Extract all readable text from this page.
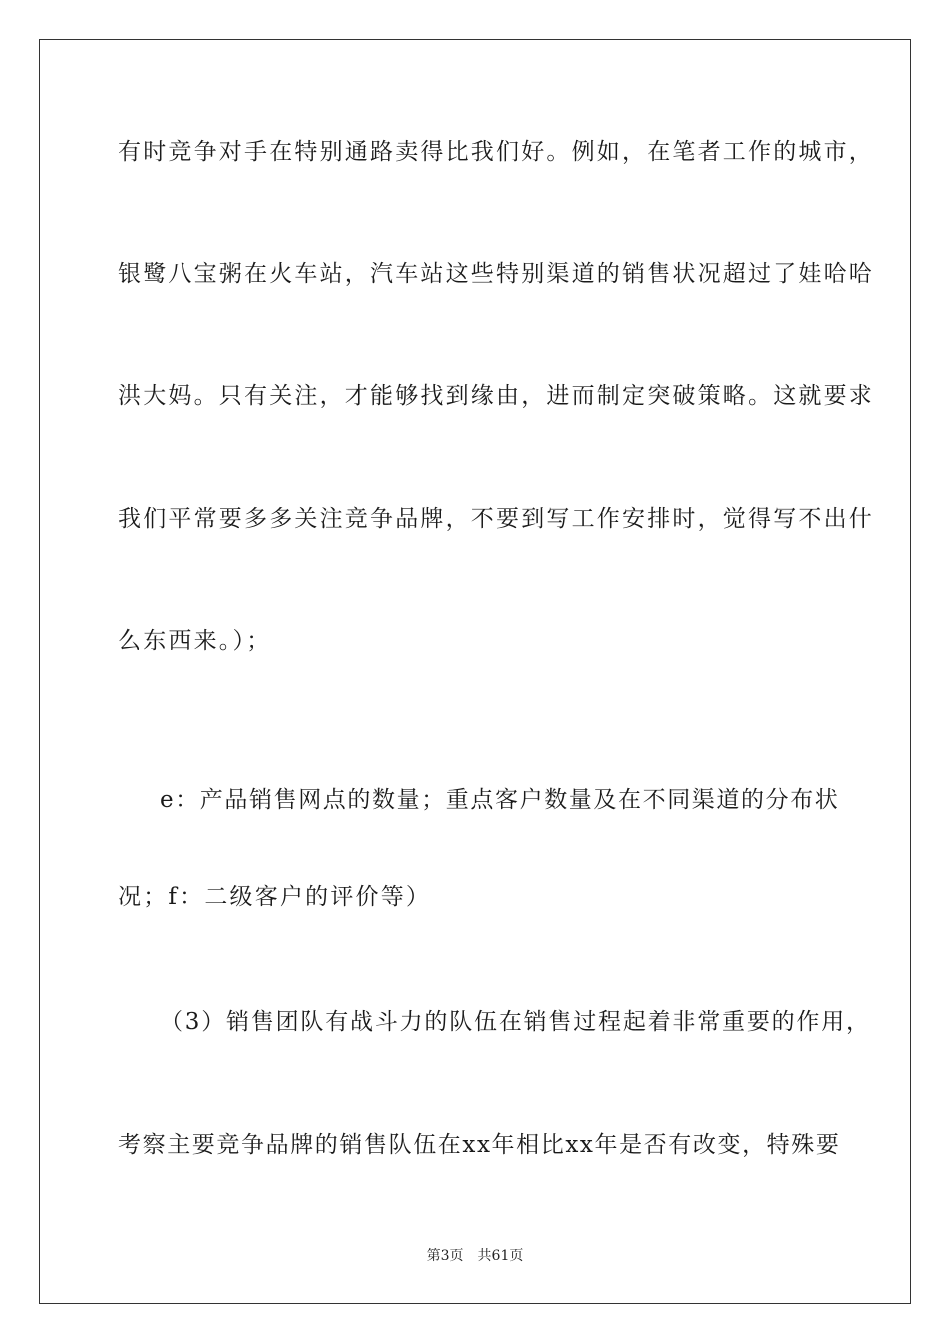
有时竞争对手在特别通路卖得比我们好。例如，在笔者工作的城市，
银鹭八宝粥在火车站，汽车站这些特别渠道的销售状况超过了娃哈哈
洪大妈。只有关注，才能够找到缘由，进而制定突破策略。这就要求
我们平常要多多关注竞争品牌，不要到写工作安排时，觉得写不出什
么东西来。）；
e：产品销售网点的数量；重点客户数量及在不同渠道的分布状
况；f：二级客户的评价等）
（3）销售团队有战斗力的队伍在销售过程起着非常重要的作用，
考察主要竞争品牌的销售队伍在xx年相比xx年是否有改变，特殊要
第3页　共61页
